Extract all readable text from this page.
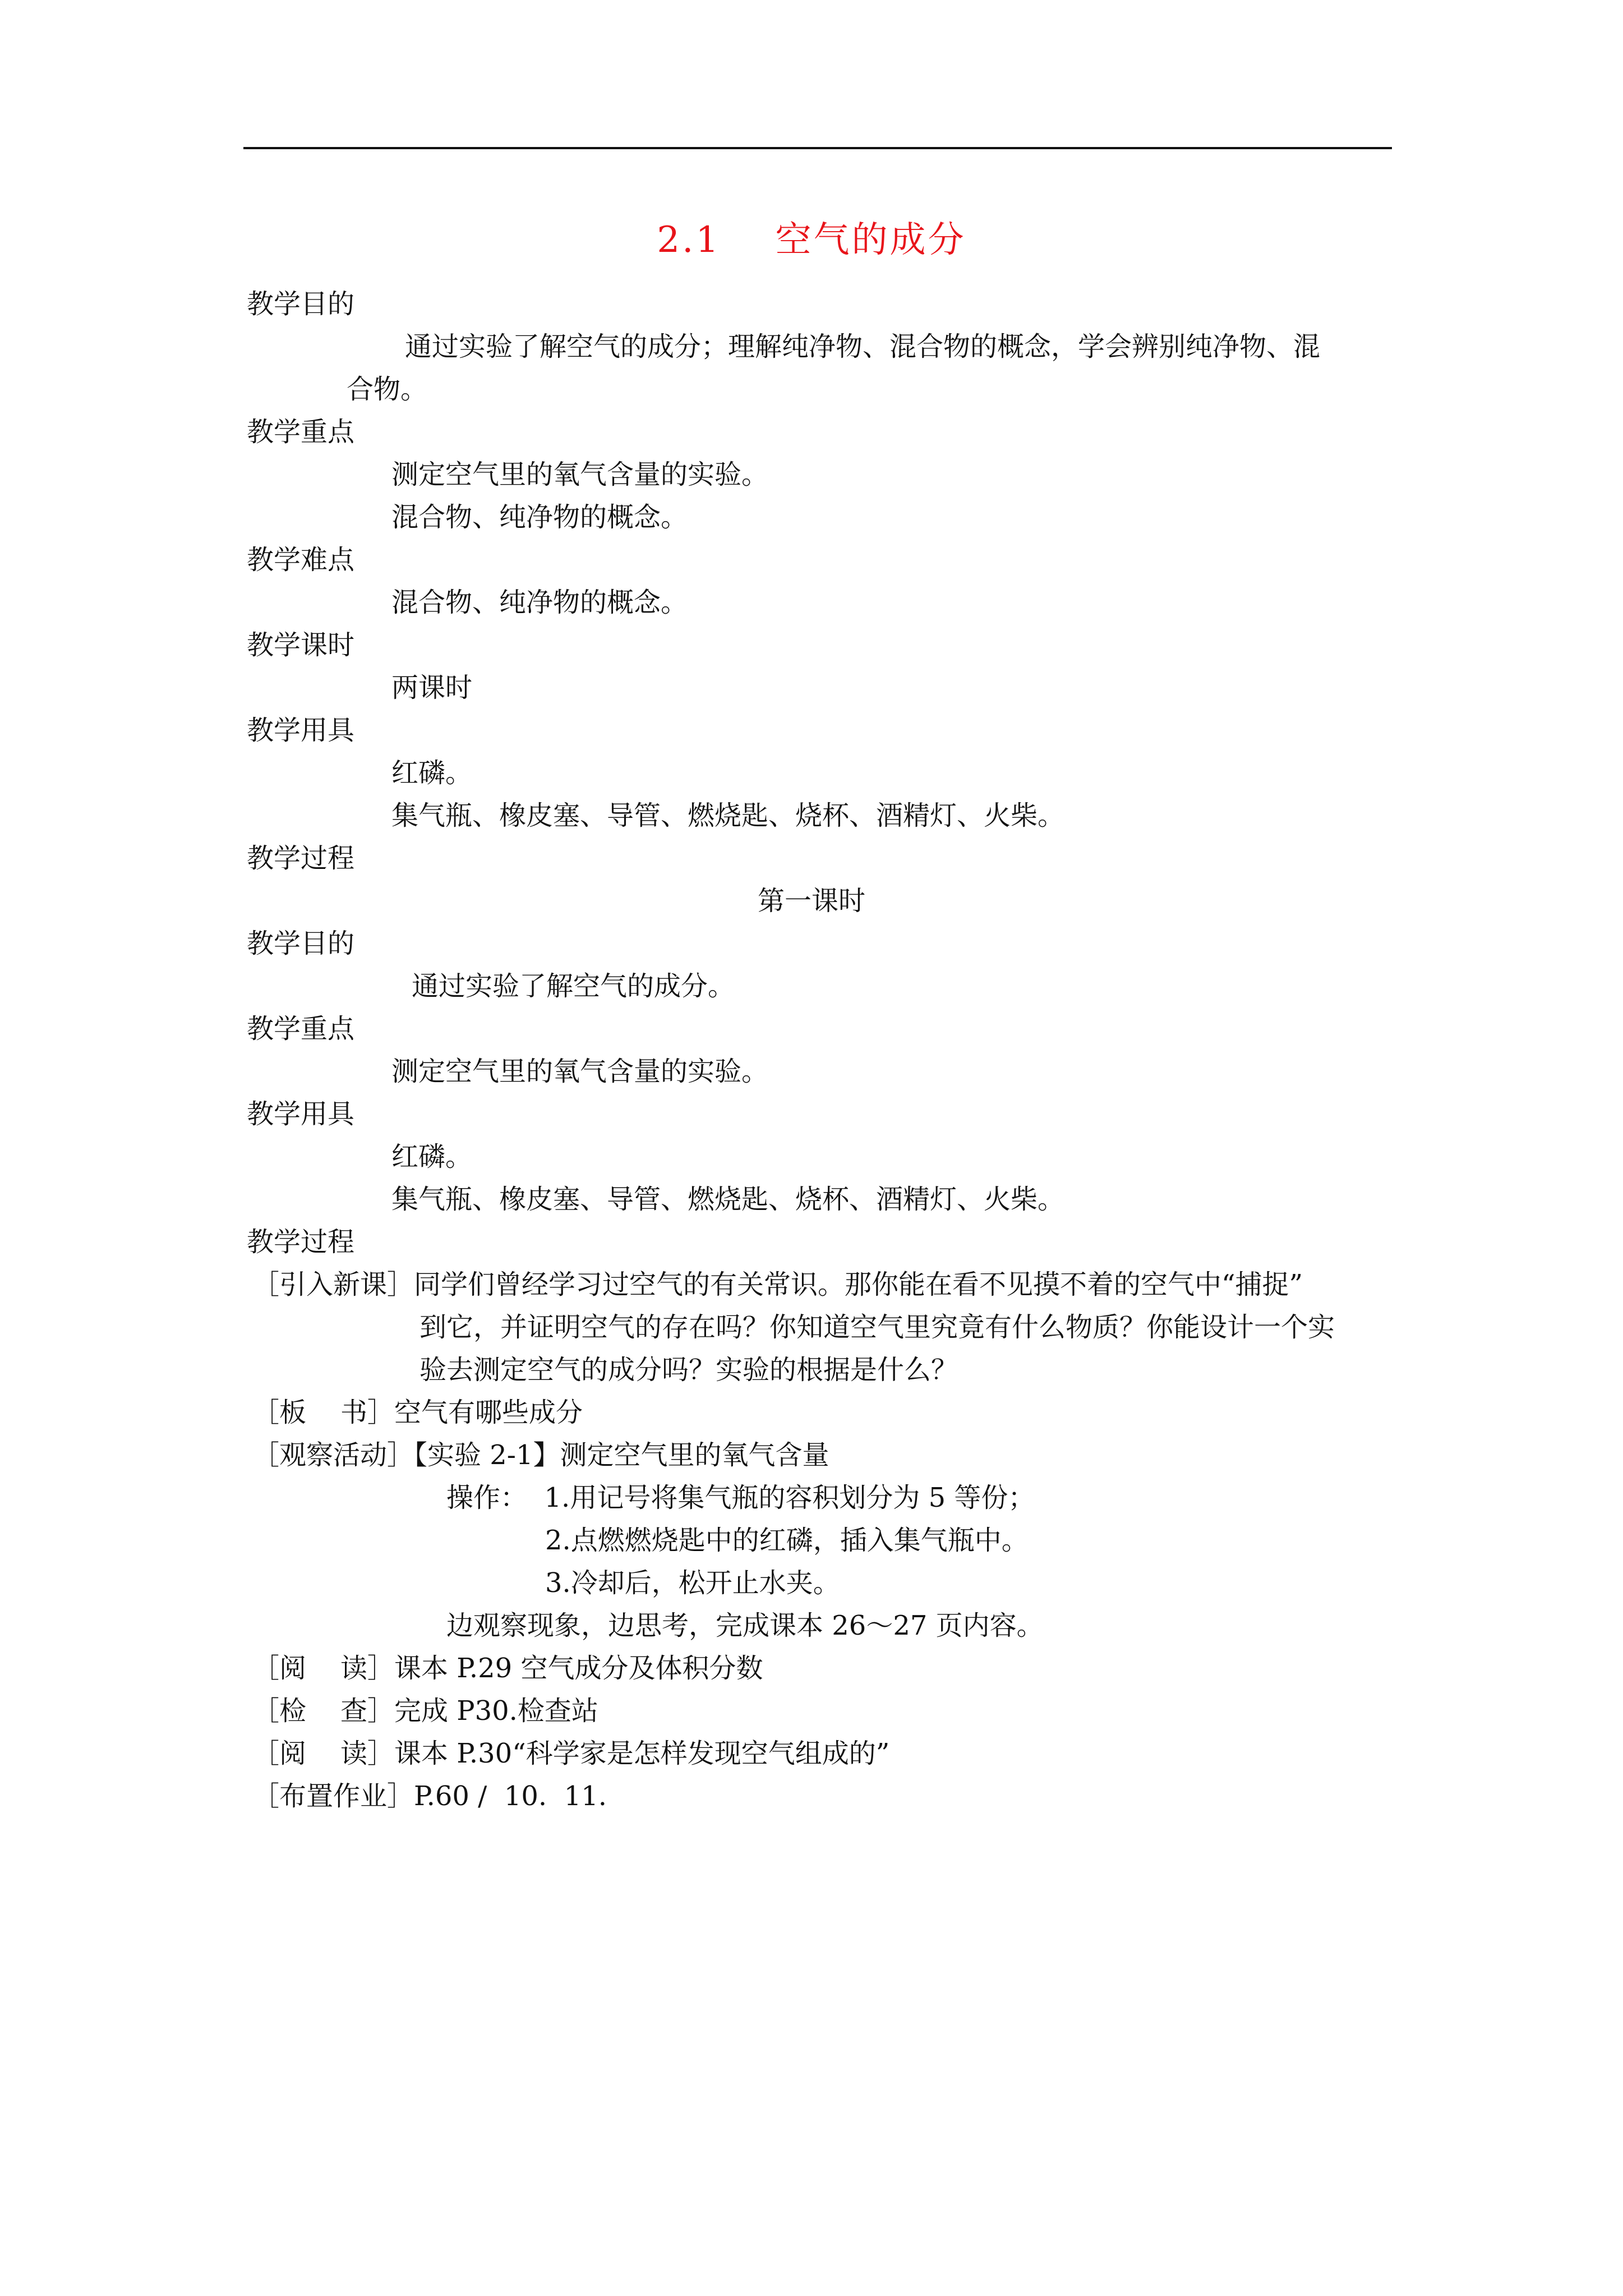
2.1    空气的成分
教学目的
通过实验了解空气的成分；理解纯净物、混合物的概念，学会辨别纯净物、混
合物。
教学重点
测定空气里的氧气含量的实验。
混合物、纯净物的概念。
教学难点
混合物、纯净物的概念。
教学课时
两课时
教学用具
红磷。
集气瓶、橡皮塞、导管、燃烧匙、烧杯、酒精灯、火柴。
教学过程
第一课时
教学目的
通过实验了解空气的成分。
教学重点
测定空气里的氧气含量的实验。
教学用具
红磷。
集气瓶、橡皮塞、导管、燃烧匙、烧杯、酒精灯、火柴。
教学过程
［引入新课］同学们曾经学习过空气的有关常识。那你能在看不见摸不着的空气中“捕捉”
到它，并证明空气的存在吗？你知道空气里究竟有什么物质？你能设计一个实
验去测定空气的成分吗？实验的根据是什么？
［板    书］空气有哪些成分
［观察活动］【实验 2-1】测定空气里的氧气含量
操作：  1.用记号将集气瓶的容积划分为 5 等份；
2.点燃燃烧匙中的红磷，插入集气瓶中。
3.冷却后，松开止水夹。
边观察现象，边思考，完成课本 26～27 页内容。
［阅    读］课本 P.29 空气成分及体积分数
［检    查］完成 P30.检查站
［阅    读］课本 P.30“科学家是怎样发现空气组成的”
［布置作业］P.60 /  10.  11.
